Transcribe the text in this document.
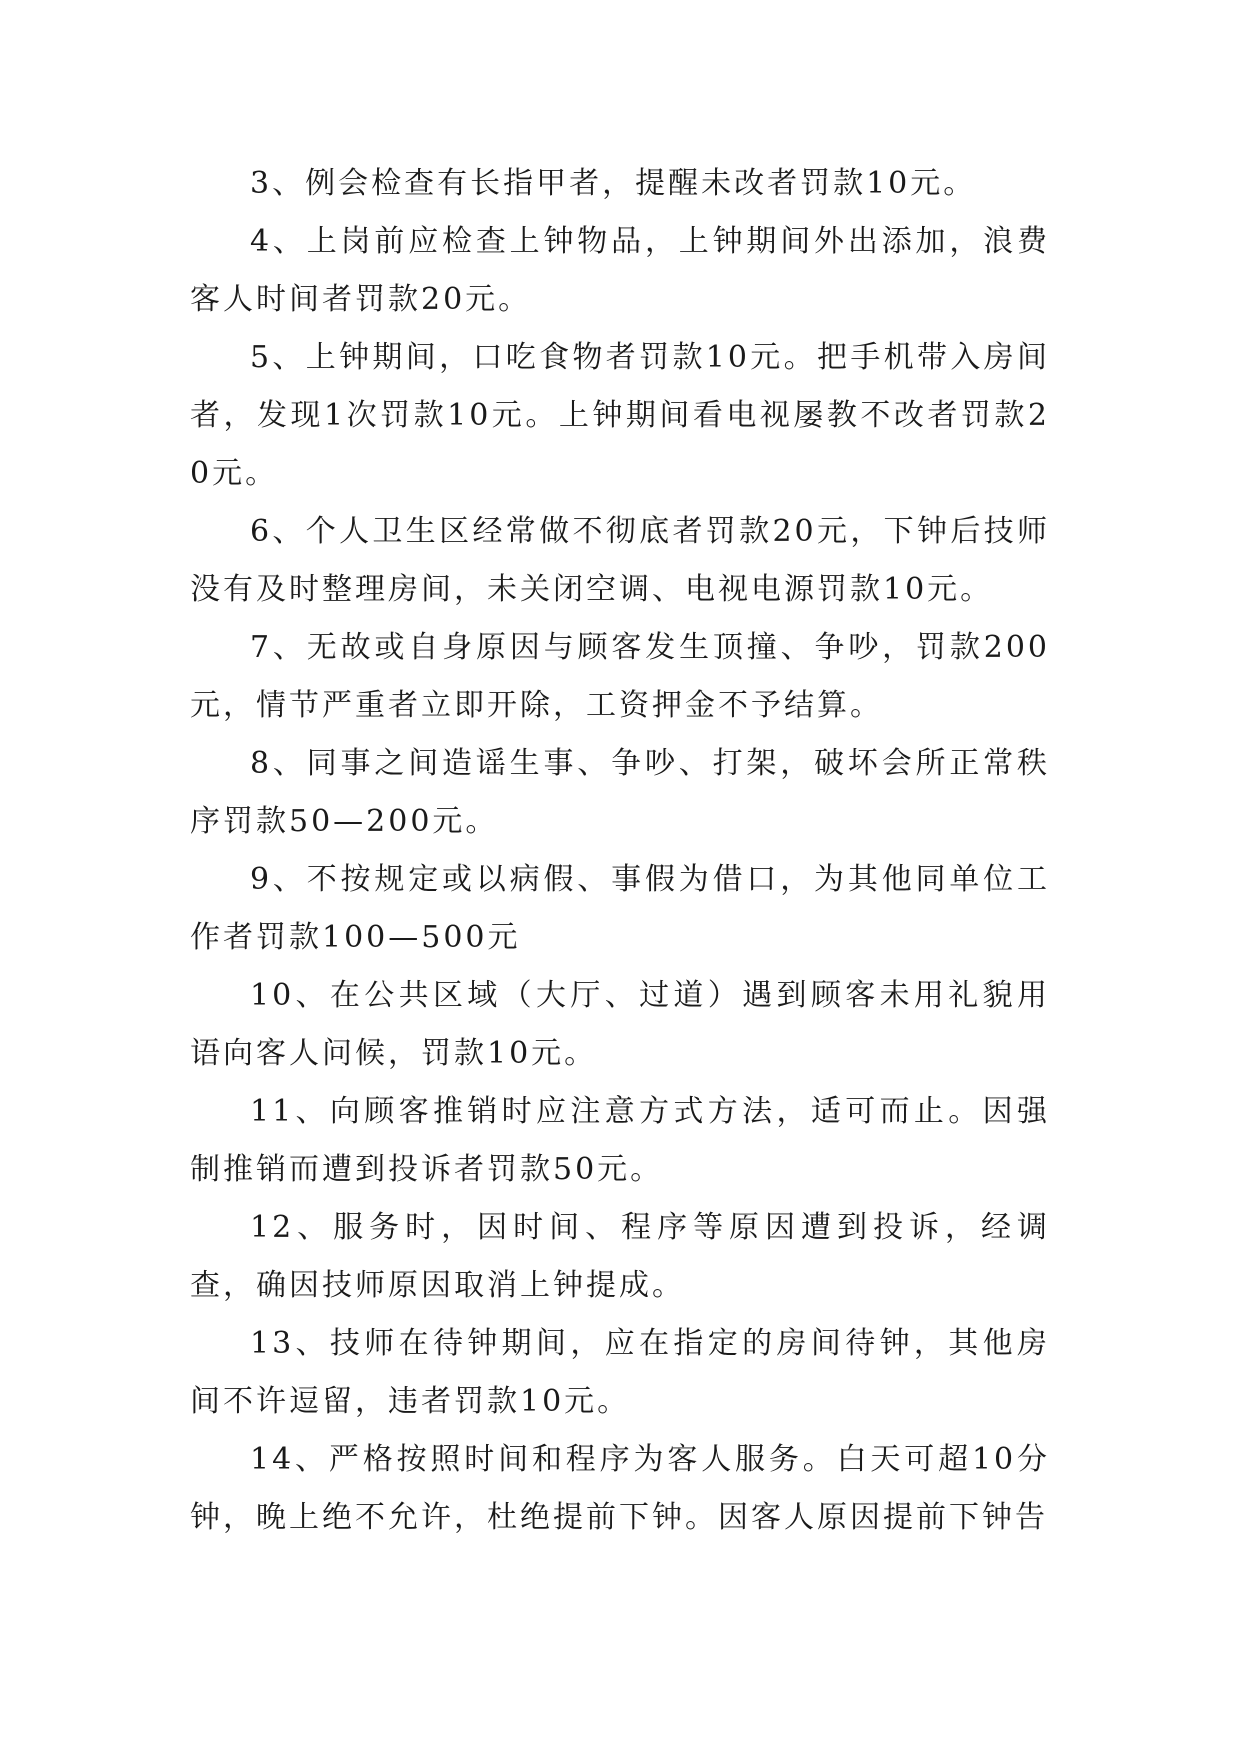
3、例会检查有长指甲者，提醒未改者罚款10元。

4、上岗前应检查上钟物品，上钟期间外出添加，浪费客人时间者罚款20元。

5、上钟期间，口吃食物者罚款10元。把手机带入房间者，发现1次罚款10元。上钟期间看电视屡教不改者罚款20元。

6、个人卫生区经常做不彻底者罚款20元，下钟后技师没有及时整理房间，未关闭空调、电视电源罚款10元。

7、无故或自身原因与顾客发生顶撞、争吵，罚款200元，情节严重者立即开除，工资押金不予结算。

8、同事之间造谣生事、争吵、打架，破坏会所正常秩序罚款50—200元。

9、不按规定或以病假、事假为借口，为其他同单位工作者罚款100—500元

10、在公共区域（大厅、过道）遇到顾客未用礼貌用语向客人问候，罚款10元。

11、向顾客推销时应注意方式方法，适可而止。因强制推销而遭到投诉者罚款50元。

12、服务时，因时间、程序等原因遭到投诉，经调查，确因技师原因取消上钟提成。

13、技师在待钟期间，应在指定的房间待钟，其他房间不许逗留，违者罚款10元。

14、严格按照时间和程序为客人服务。白天可超10分钟，晚上绝不允许，杜绝提前下钟。因客人原因提前下钟告
